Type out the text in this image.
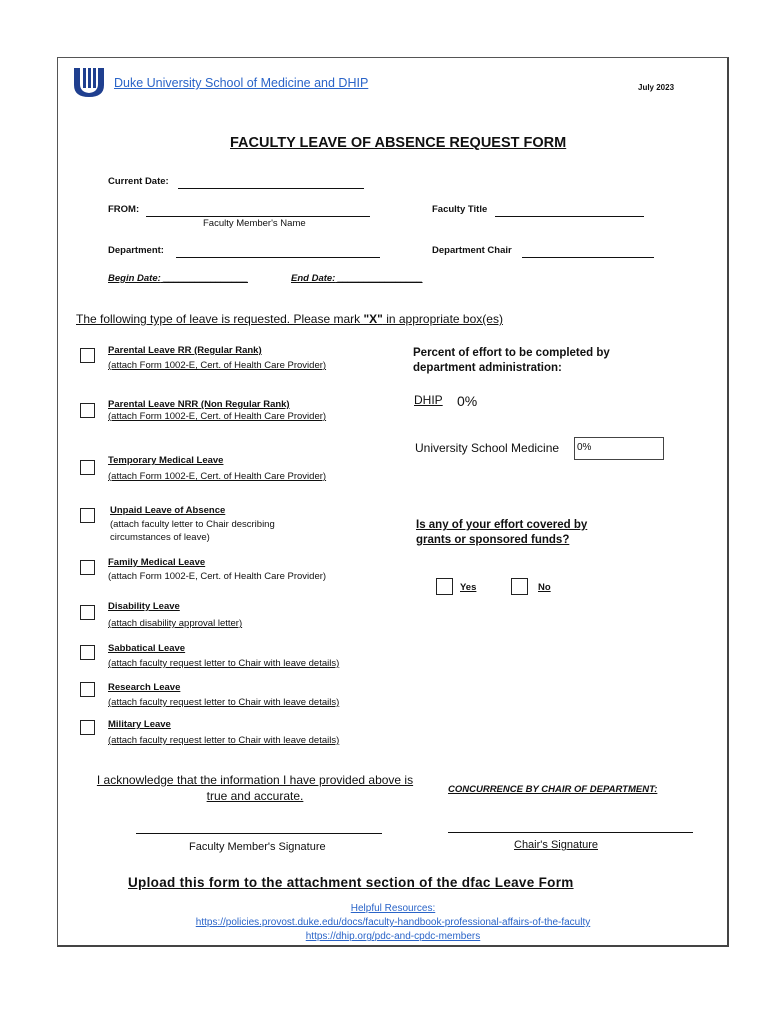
Duke University School of Medicine and DHIP	July 2023
FACULTY LEAVE OF ABSENCE REQUEST FORM
Current Date:
FROM:
Faculty Member's Name
Faculty Title
Department:	Department Chair
Begin Date: ________________	End Date: ________________
The following type of leave is requested. Please mark "X" in appropriate box(es)
Parental Leave RR (Regular Rank)
(attach Form 1002-E, Cert. of Health Care Provider)
Parental Leave NRR (Non Regular Rank)
(attach Form 1002-E, Cert. of Health Care Provider)
Temporary Medical Leave
(attach Form 1002-E, Cert. of Health Care Provider)
Unpaid Leave of Absence
(attach faculty letter to Chair describing circumstances of leave)
Family Medical Leave
(attach Form 1002-E, Cert. of Health Care Provider)
Disability Leave
(attach disability approval letter)
Sabbatical Leave
(attach faculty request letter to Chair with leave details)
Research Leave
(attach faculty request letter to Chair with leave details)
Military Leave
(attach faculty request letter to Chair with leave details)
Percent of effort to be completed by department administration:
DHIP 0%
University School Medicine	0%
Is any of your effort covered by grants or sponsored funds?
Yes	No
I acknowledge that the information I have provided above is true and accurate.	CONCURRENCE BY CHAIR OF DEPARTMENT:
Faculty Member's Signature	Chair's Signature
Upload this form to the attachment section of the dfac Leave Form
Helpful Resources:
https://policies.provost.duke.edu/docs/faculty-handbook-professional-affairs-of-the-faculty
https://dhip.org/pdc-and-cpdc-members
